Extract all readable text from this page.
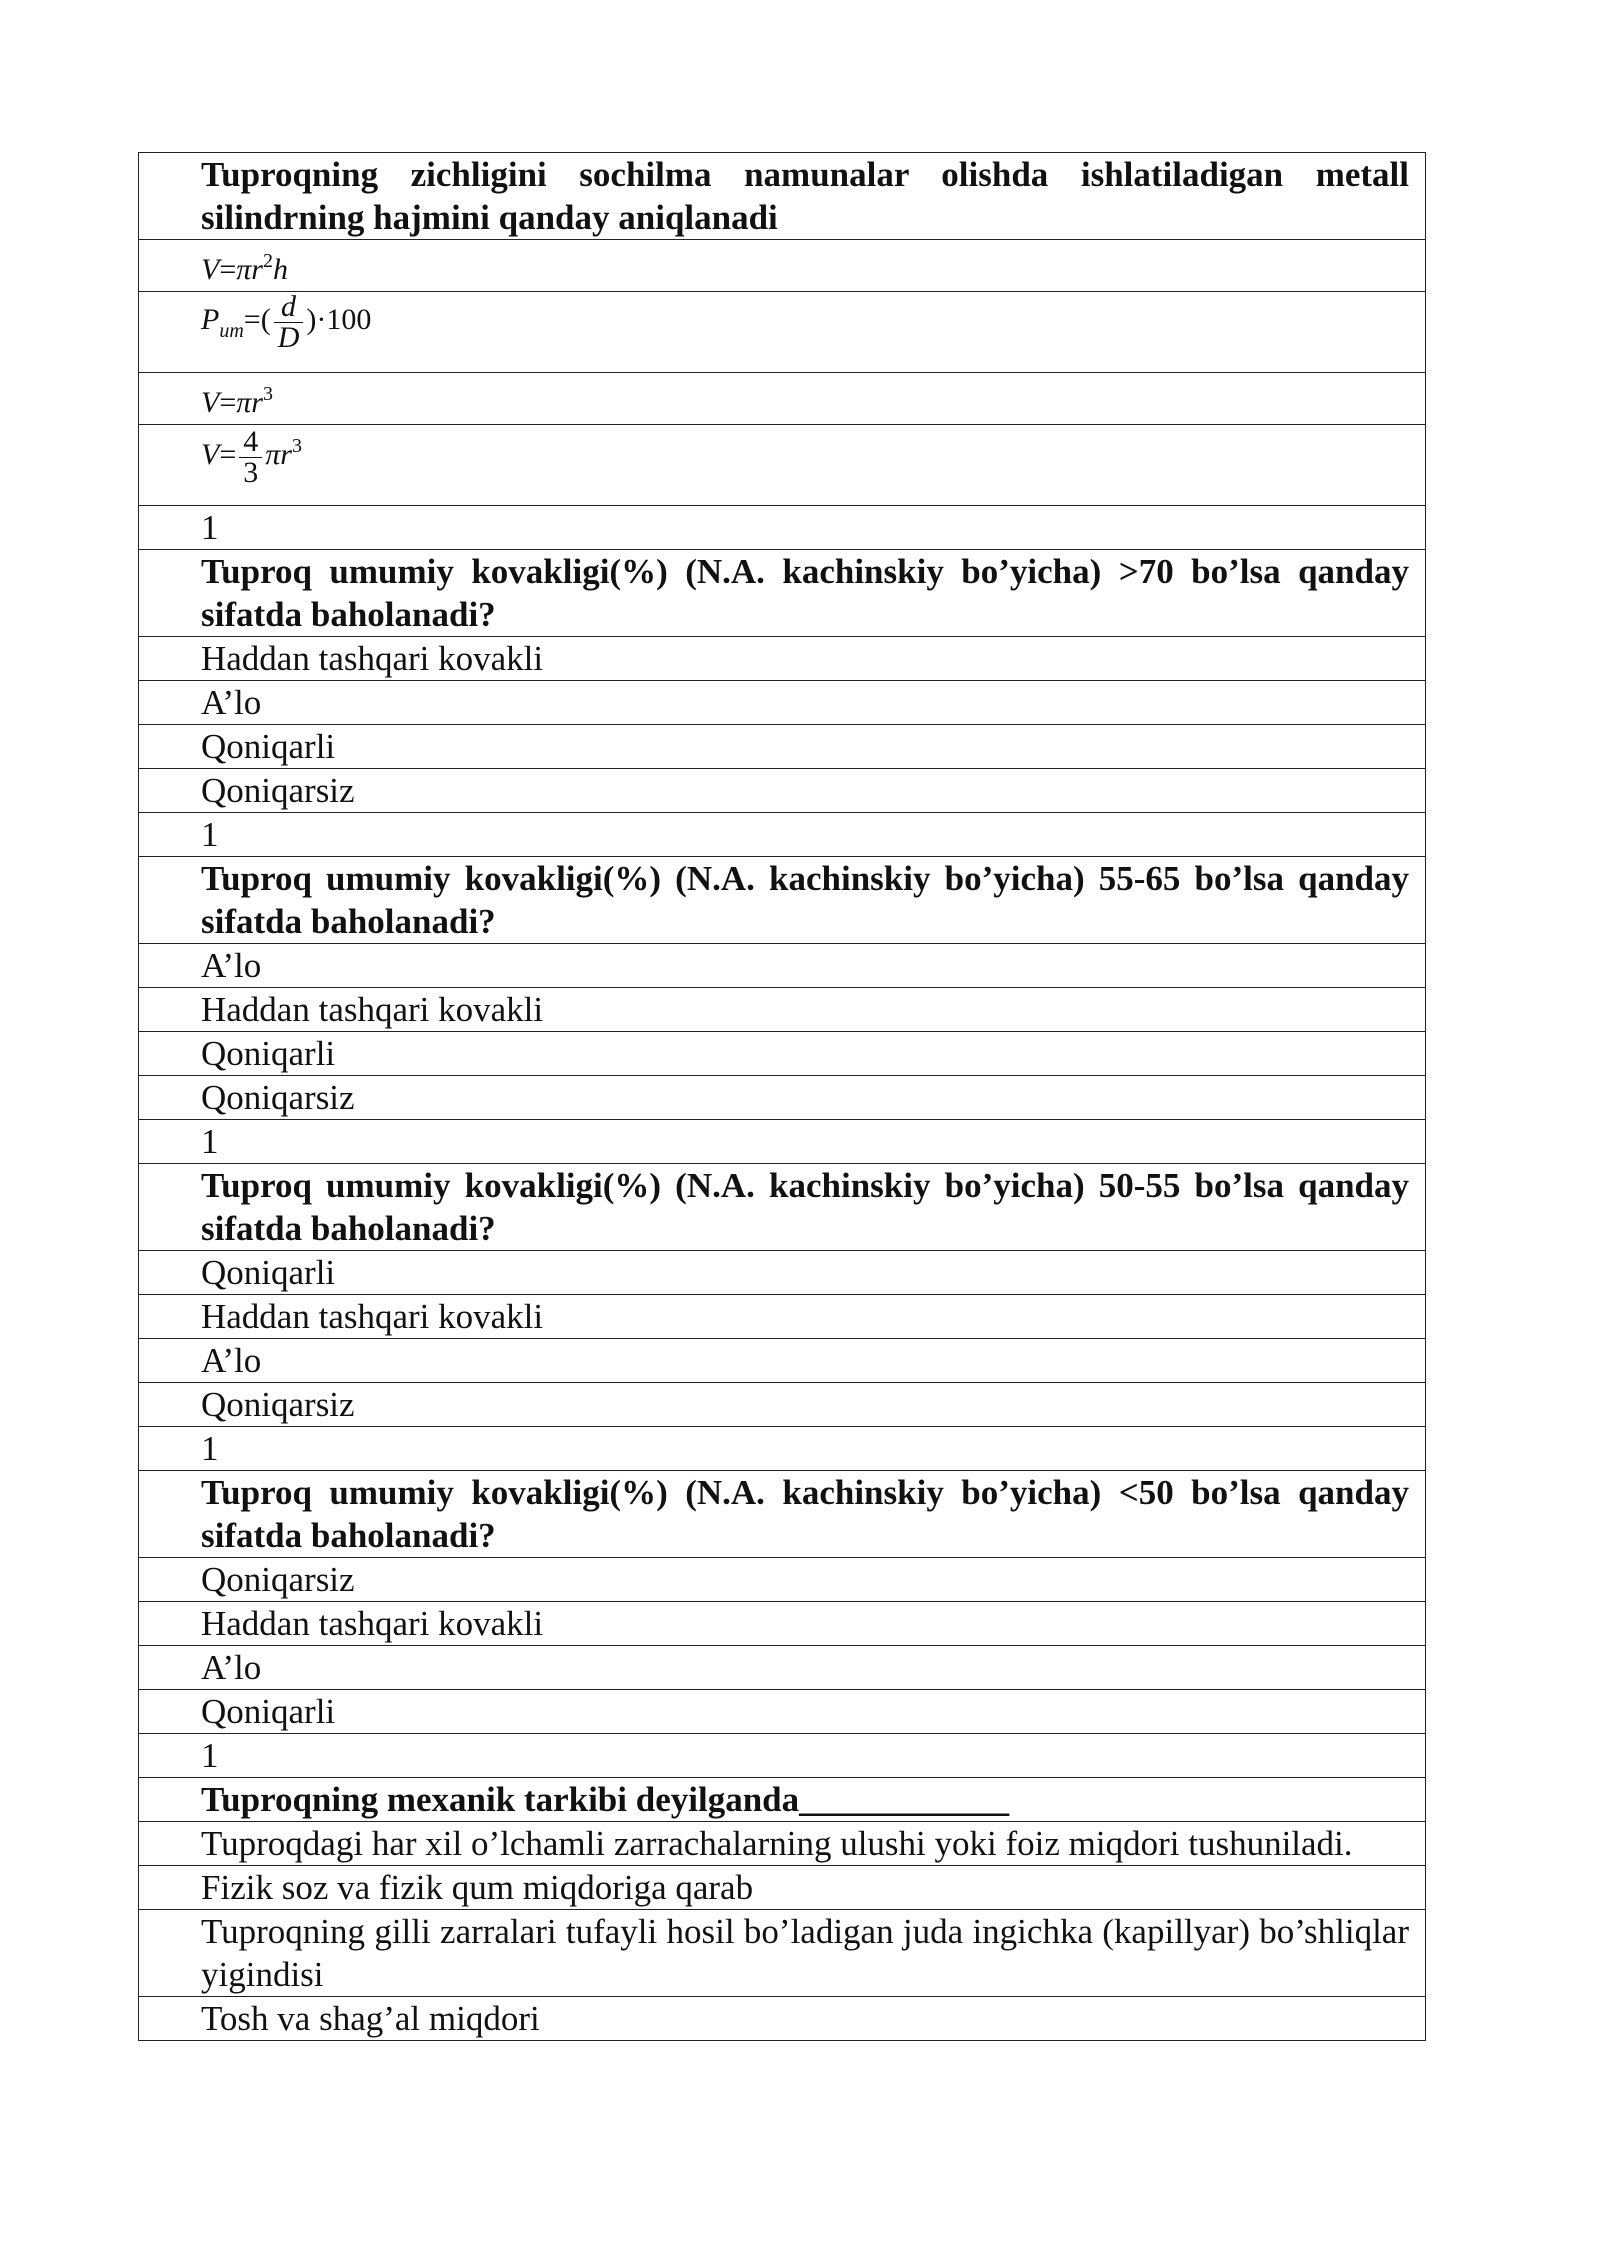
Tuproqning zichligini sochilma namunalar olishda ishlatiladigan metall silindrning hajmini qanday aniqlanadi
$V=\pi r^2h$
$P_{um}=( \frac{d}{D} )\cdot 100$
$V=\pi r^3$
$V= \frac{4}{3} \pi r^3$
1
Tuproq umumiy kovakligi(%) (N.A. kachinskiy bo’yicha) >70 bo’lsa qanday sifatda baholanadi?
Haddan tashqari kovakli
A’lo
Qoniqarli
Qoniqarsiz
1
Tuproq umumiy kovakligi(%) (N.A. kachinskiy bo’yicha) 55-65 bo’lsa qanday sifatda baholanadi?
A’lo
Haddan tashqari kovakli
Qoniqarli
Qoniqarsiz
1
Tuproq umumiy kovakligi(%) (N.A. kachinskiy bo’yicha) 50-55 bo’lsa qanday sifatda baholanadi?
Qoniqarli
Haddan tashqari kovakli
A’lo
Qoniqarsiz
1
Tuproq umumiy kovakligi(%) (N.A. kachinskiy bo’yicha) <50 bo’lsa qanday sifatda baholanadi?
Qoniqarsiz
Haddan tashqari kovakli
A’lo
Qoniqarli
1
Tuproqning mexanik tarkibi deyilganda____________
Tuproqdagi har xil o’lchamli zarrachalarning ulushi yoki foiz miqdori tushuniladi.
Fizik soz va fizik qum miqdoriga qarab
Tuproqning gilli zarralari tufayli hosil bo’ladigan juda ingichka (kapillyar) bo’shliqlar yigindisi
Tosh va shag’al miqdori
